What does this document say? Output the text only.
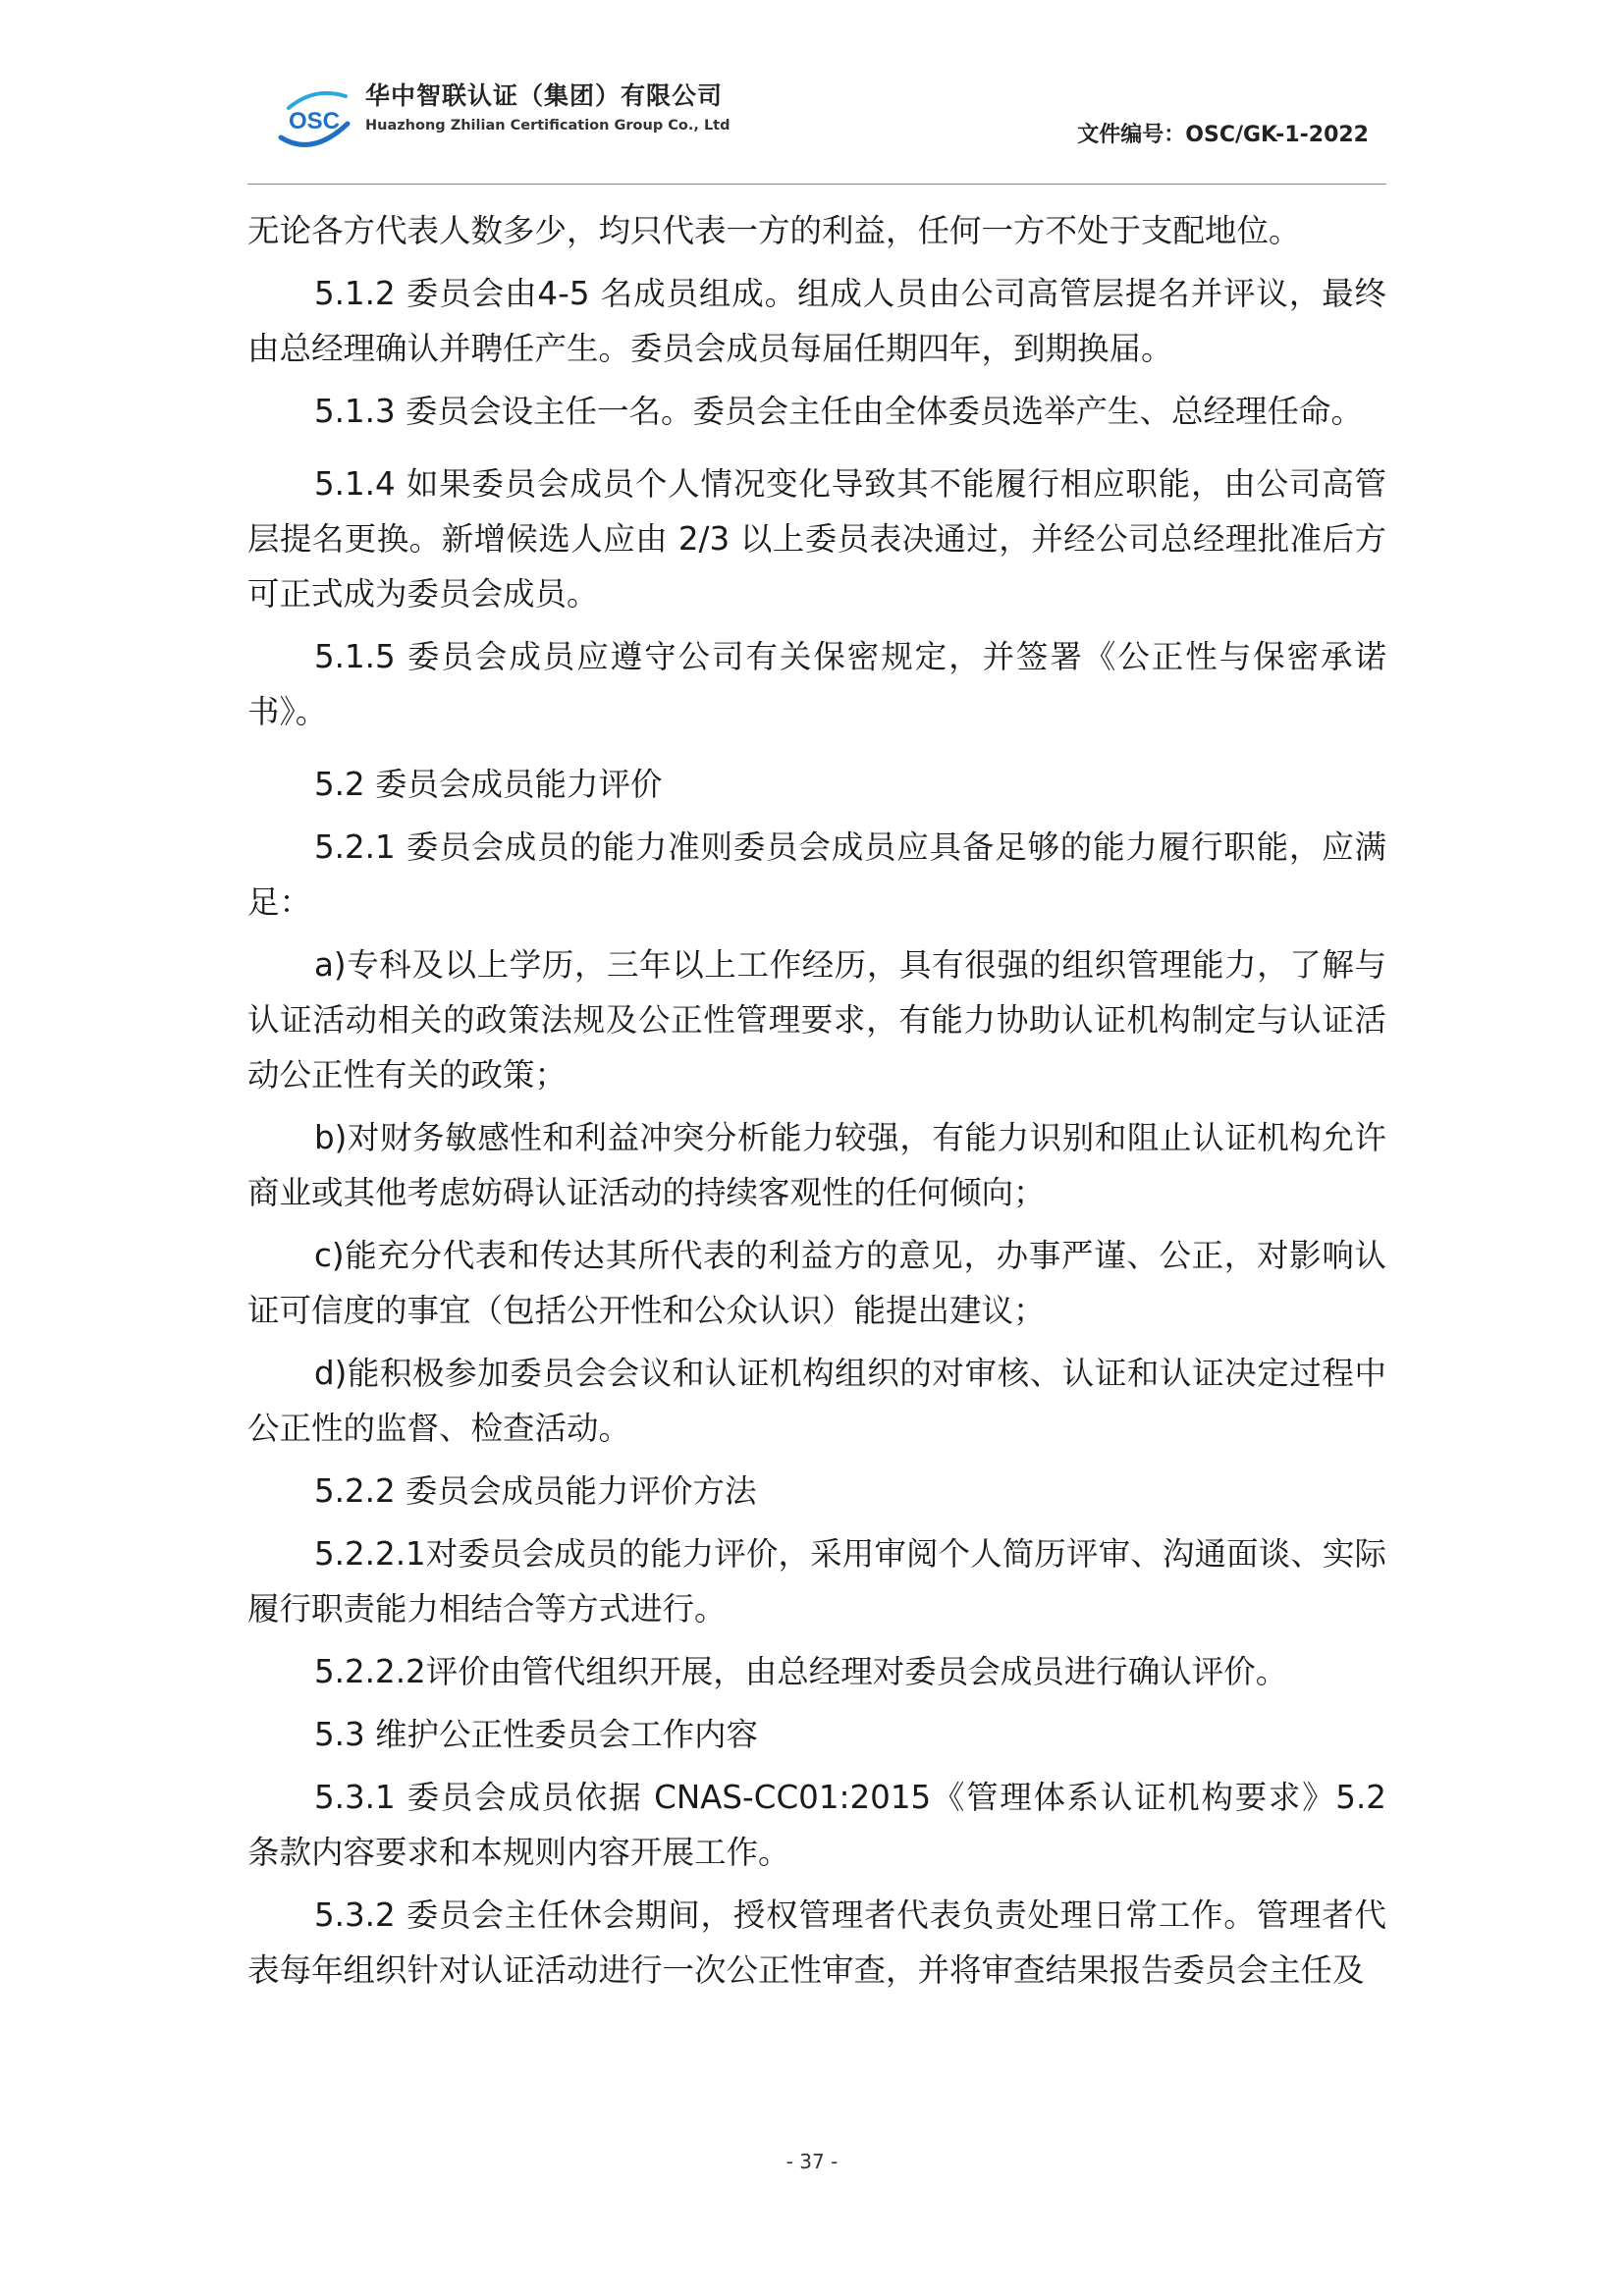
OSC
华中智联认证（集团）有限公司
Huazhong Zhilian Certification Group Co., Ltd	文件编号：OSC/GK-1-2022

无论各方代表人数多少，均只代表一方的利益，任何一方不处于支配地位。

5.1.2 委员会由4-5 名成员组成。组成人员由公司高管层提名并评议，最终由总经理确认并聘任产生。委员会成员每届任期四年，到期换届。

5.1.3 委员会设主任一名。委员会主任由全体委员选举产生、总经理任命。

5.1.4 如果委员会成员个人情况变化导致其不能履行相应职能，由公司高管层提名更换。新增候选人应由 2/3 以上委员表决通过，并经公司总经理批准后方可正式成为委员会成员。

5.1.5 委员会成员应遵守公司有关保密规定，并签署《公正性与保密承诺书》。

5.2 委员会成员能力评价

5.2.1 委员会成员的能力准则委员会成员应具备足够的能力履行职能，应满足：

a)专科及以上学历，三年以上工作经历，具有很强的组织管理能力，了解与认证活动相关的政策法规及公正性管理要求，有能力协助认证机构制定与认证活动公正性有关的政策；

b)对财务敏感性和利益冲突分析能力较强，有能力识别和阻止认证机构允许商业或其他考虑妨碍认证活动的持续客观性的任何倾向；

c)能充分代表和传达其所代表的利益方的意见，办事严谨、公正，对影响认证可信度的事宜（包括公开性和公众认识）能提出建议；

d)能积极参加委员会会议和认证机构组织的对审核、认证和认证决定过程中公正性的监督、检查活动。

5.2.2 委员会成员能力评价方法

5.2.2.1对委员会成员的能力评价，采用审阅个人简历评审、沟通面谈、实际履行职责能力相结合等方式进行。

5.2.2.2评价由管代组织开展，由总经理对委员会成员进行确认评价。

5.3 维护公正性委员会工作内容

5.3.1 委员会成员依据 CNAS-CC01:2015《管理体系认证机构要求》5.2 条款内容要求和本规则内容开展工作。

5.3.2 委员会主任休会期间，授权管理者代表负责处理日常工作。管理者代表每年组织针对认证活动进行一次公正性审查，并将审查结果报告委员会主任及

- 37 -
